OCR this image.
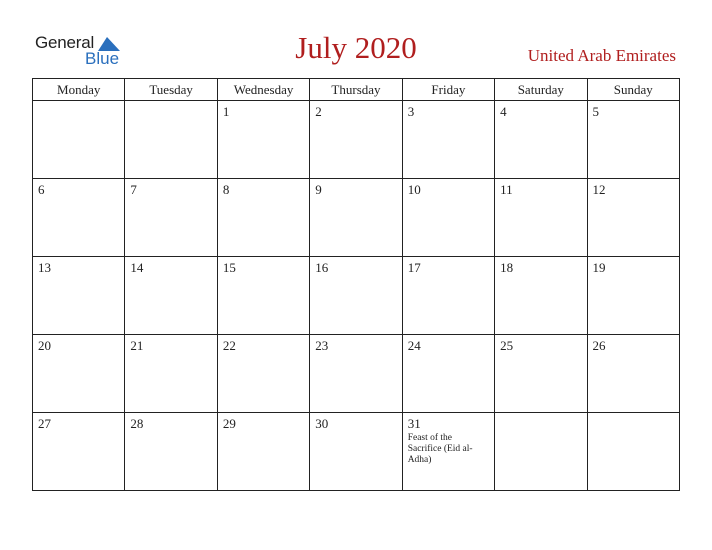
General
Blue	July 2020	United Arab Emirates
Monday	Tuesday	Wednesday	Thursday	Friday	Saturday	Sunday

		1	2	3	4	5

6	7	8	9	10	11	12

13	14	15	16	17	18	19

20	21	22	23	24	25	26

27	28	29	30	31
Feast of the Sacrifice (Eid al-Adha)		
